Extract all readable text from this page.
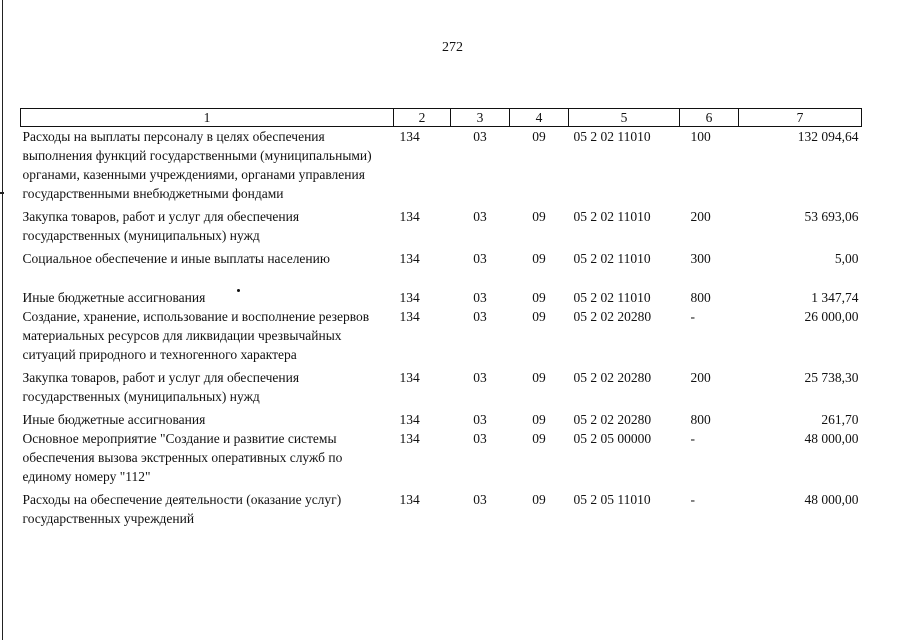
272
1	2	3	4	5	6	7
Расходы на выплаты персоналу в целях обеспечения выполнения функций государственными (муниципальными) органами, казенными учреждениями, органами управления государственными внебюджетными фондами	134	03	09	05 2 02 11010	100	132 094,64
Закупка товаров, работ и услуг для обеспечения государственных (муниципальных) нужд	134	03	09	05 2 02 11010	200	53 693,06
Социальное обеспечение и иные выплаты населению	134	03	09	05 2 02 11010	300	5,00
Иные бюджетные ассигнования	134	03	09	05 2 02 11010	800	1 347,74
Создание, хранение, использование и восполнение резервов материальных ресурсов для ликвидации чрезвычайных ситуаций природного и техногенного характера	134	03	09	05 2 02 20280	-	26 000,00
Закупка товаров, работ и услуг для обеспечения государственных (муниципальных) нужд	134	03	09	05 2 02 20280	200	25 738,30
Иные бюджетные ассигнования	134	03	09	05 2 02 20280	800	261,70
Основное мероприятие "Создание и развитие системы обеспечения вызова экстренных оперативных служб по единому номеру "112"	134	03	09	05 2 05 00000	-	48 000,00
Расходы на обеспечение деятельности (оказание услуг) государственных учреждений	134	03	09	05 2 05 11010	-	48 000,00
